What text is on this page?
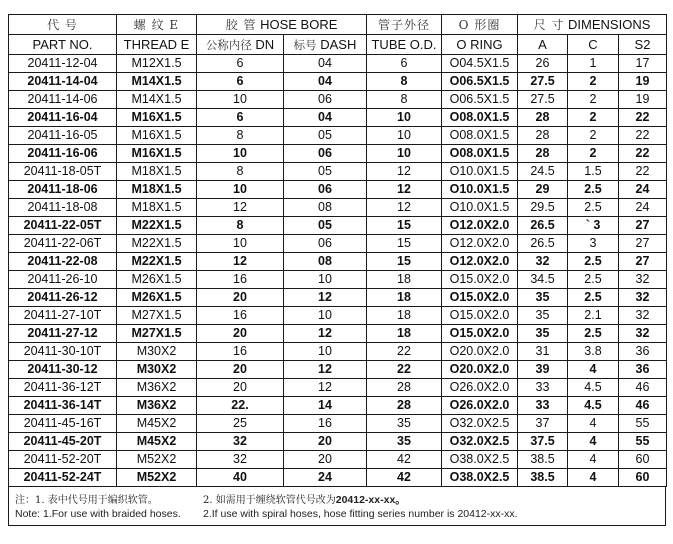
代 号	螺 纹 E	胶 管 HOSE BORE		管子外径	O 形圈	尺 寸 DIMENSIONS		
PART NO.	THREAD E	公称内径 DN	标号 DASH	TUBE O.D.	O RING	A	C	S2
20411-12-04	M12X1.5	6	04	6	O04.5X1.5	26	1	17
20411-14-04	M14X1.5	6	04	8	O06.5X1.5	27.5	2	19
20411-14-06	M14X1.5	10	06	8	O06.5X1.5	27.5	2	19
20411-16-04	M16X1.5	6	04	10	O08.0X1.5	28	2	22
20411-16-05	M16X1.5	8	05	10	O08.0X1.5	28	2	22
20411-16-06	M16X1.5	10	06	10	O08.0X1.5	28	2	22
20411-18-05T	M18X1.5	8	05	12	O10.0X1.5	24.5	1.5	22
20411-18-06	M18X1.5	10	06	12	O10.0X1.5	29	2.5	24
20411-18-08	M18X1.5	12	08	12	O10.0X1.5	29.5	2.5	24
20411-22-05T	M22X1.5	8	05	15	O12.0X2.0	26.5	` 3	27
20411-22-06T	M22X1.5	10	06	15	O12.0X2.0	26.5	3	27
20411-22-08	M22X1.5	12	08	15	O12.0X2.0	32	2.5	27
20411-26-10	M26X1.5	16	10	18	O15.0X2.0	34.5	2.5	32
20411-26-12	M26X1.5	20	12	18	O15.0X2.0	35	2.5	32
20411-27-10T	M27X1.5	16	10	18	O15.0X2.0	35	2.1	32
20411-27-12	M27X1.5	20	12	18	O15.0X2.0	35	2.5	32
20411-30-10T	M30X2	16	10	22	O20.0X2.0	31	3.8	36
20411-30-12	M30X2	20	12	22	O20.0X2.0	39	4	36
20411-36-12T	M36X2	20	12	28	O26.0X2.0	33	4.5	46
20411-36-14T	M36X2	22.	14	28	O26.0X2.0	33	4.5	46
20411-45-16T	M45X2	25	16	35	O32.0X2.5	37	4	55
20411-45-20T	M45X2	32	20	35	O32.0X2.5	37.5	4	55
20411-52-20T	M52X2	32	20	42	O38.0X2.5	38.5	4	60
20411-52-24T	M52X2	40	24	42	O38.0X2.5	38.5	4	60
注：1. 表中代号用于编织软管。	2. 如需用于缠绕软管代号改为20412-xx-xx。
Note: 1.For use with braided hoses. 2.If use with spiral hoses, hose fitting series number is 20412-xx-xx.
